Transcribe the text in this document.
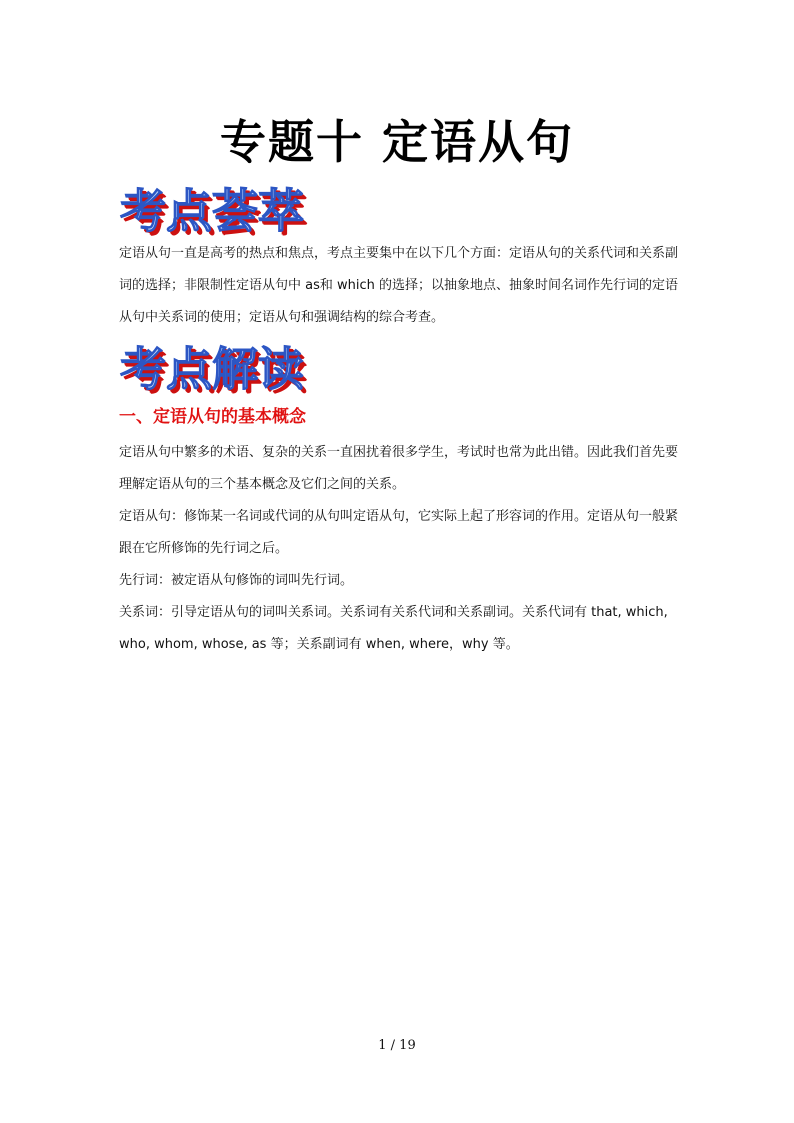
专题十 定语从句
考点荟萃

定语从句一直是高考的热点和焦点，考点主要集中在以下几个方面：定语从句的关系代词和关系副词的选择；非限制性定语从句中 as和 which 的选择；以抽象地点、抽象时间名词作先行词的定语从句中关系词的使用；定语从句和强调结构的综合考查。

考点解读
一、定语从句的基本概念

定语从句中繁多的术语、复杂的关系一直困扰着很多学生，考试时也常为此出错。因此我们首先要理解定语从句的三个基本概念及它们之间的关系。

定语从句：修饰某一名词或代词的从句叫定语从句，它实际上起了形容词的作用。定语从句一般紧跟在它所修饰的先行词之后。

先行词：被定语从句修饰的词叫先行词。

关系词：引导定语从句的词叫关系词。关系词有关系代词和关系副词。关系代词有 that, which, who, whom, whose, as 等；关系副词有 when, where，why 等。

1 / 19
